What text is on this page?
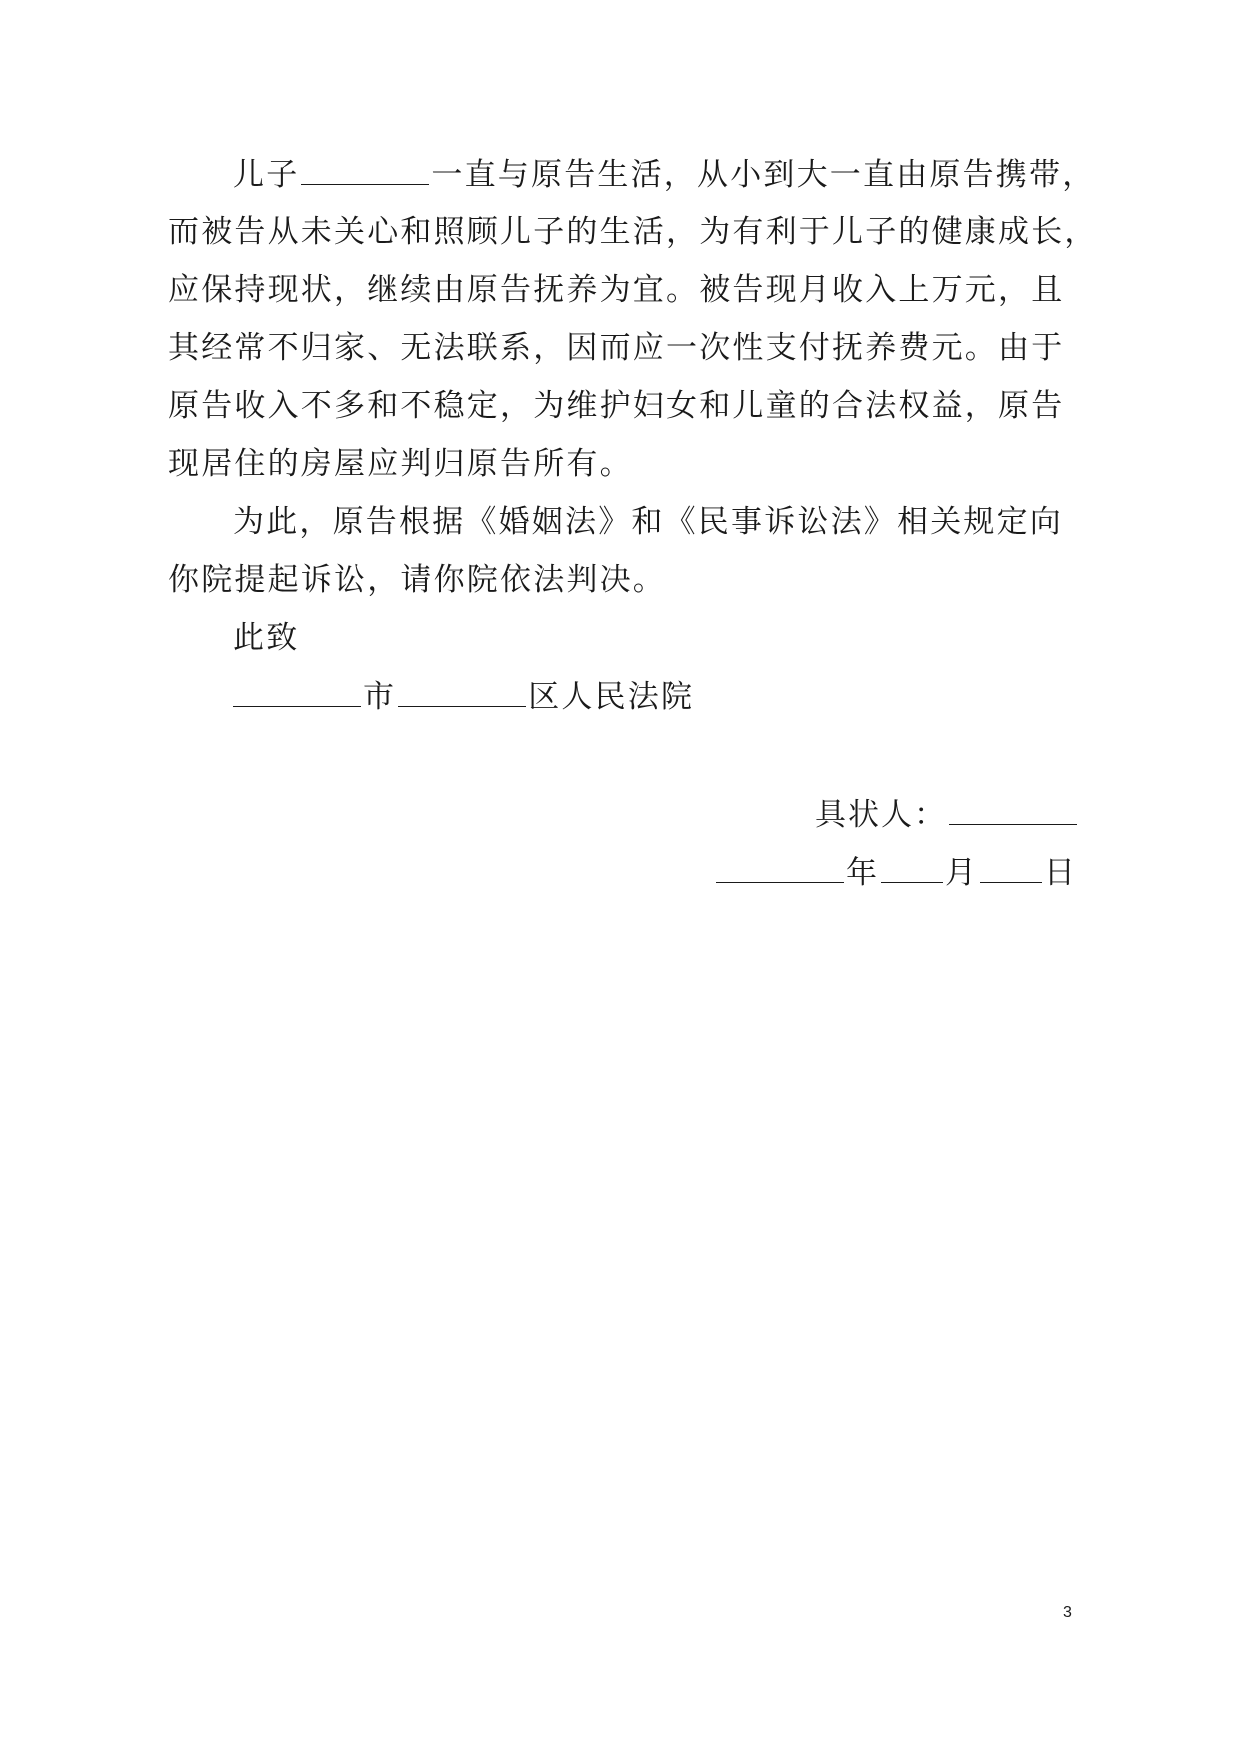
儿子	一直与原告生活，从小到大一直由原告携带，
而被告从未关心和照顾儿子的生活，为有利于儿子的健康成长，
应保持现状，继续由原告抚养为宜。被告现月收入上万元，且
其经常不归家、无法联系，因而应一次性支付抚养费元。由于
原告收入不多和不稳定，为维护妇女和儿童的合法权益，原告
现居住的房屋应判归原告所有。
为此，原告根据《婚姻法》和《民事诉讼法》相关规定向
你院提起诉讼，请你院依法判决。
此致
市	区人民法院
具状人：
年 月 日
3
